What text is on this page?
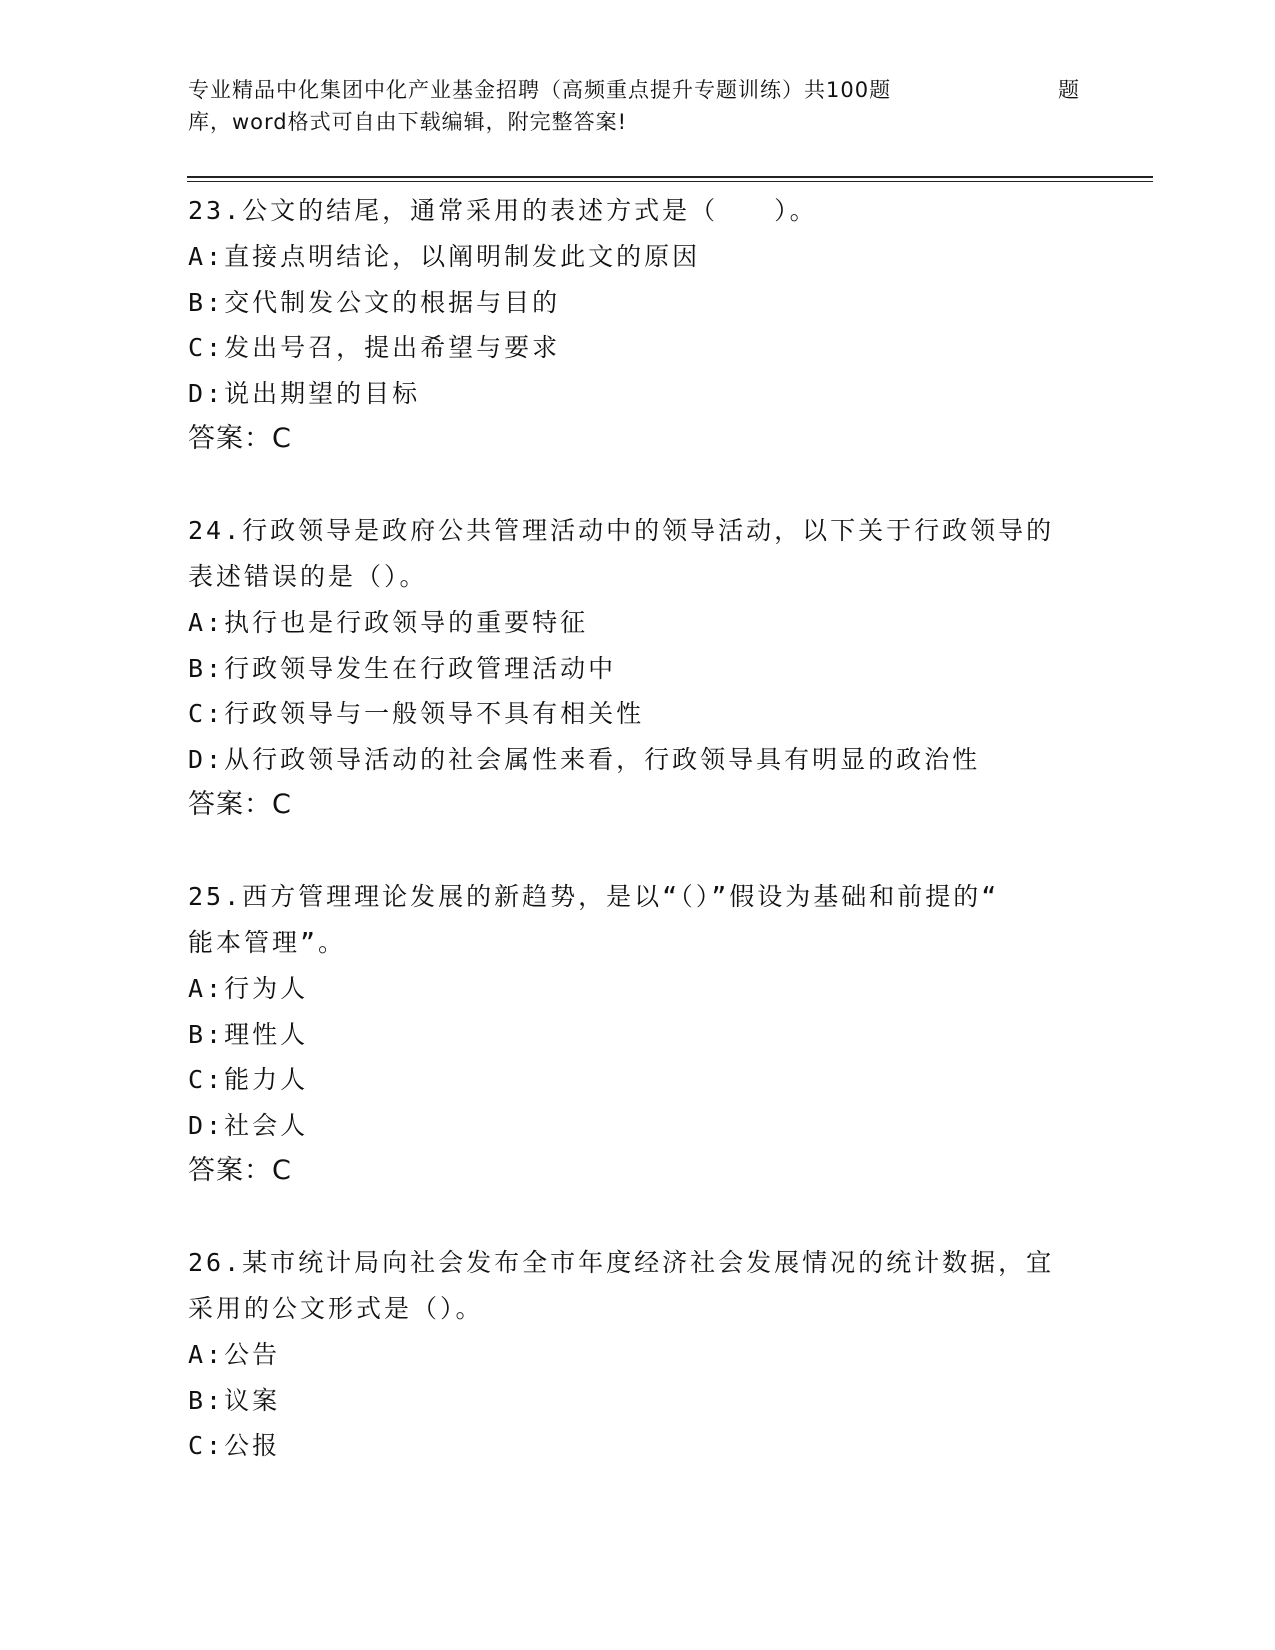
专业精品中化集团中化产业基金招聘（高频重点提升专题训练）共100题	题
库，word格式可自由下载编辑，附完整答案!
23.公文的结尾，通常采用的表述方式是（　　）。
A:直接点明结论，以阐明制发此文的原因
B:交代制发公文的根据与目的
C:发出号召，提出希望与要求
D:说出期望的目标
答案：C
24.行政领导是政府公共管理活动中的领导活动，以下关于行政领导的
表述错误的是（）。
A:执行也是行政领导的重要特征
B:行政领导发生在行政管理活动中
C:行政领导与一般领导不具有相关性
D:从行政领导活动的社会属性来看，行政领导具有明显的政治性
答案：C
25.西方管理理论发展的新趋势，是以“（）”假设为基础和前提的“
能本管理”。
A:行为人
B:理性人
C:能力人
D:社会人
答案：C
26.某市统计局向社会发布全市年度经济社会发展情况的统计数据，宜
采用的公文形式是（）。
A:公告
B:议案
C:公报
